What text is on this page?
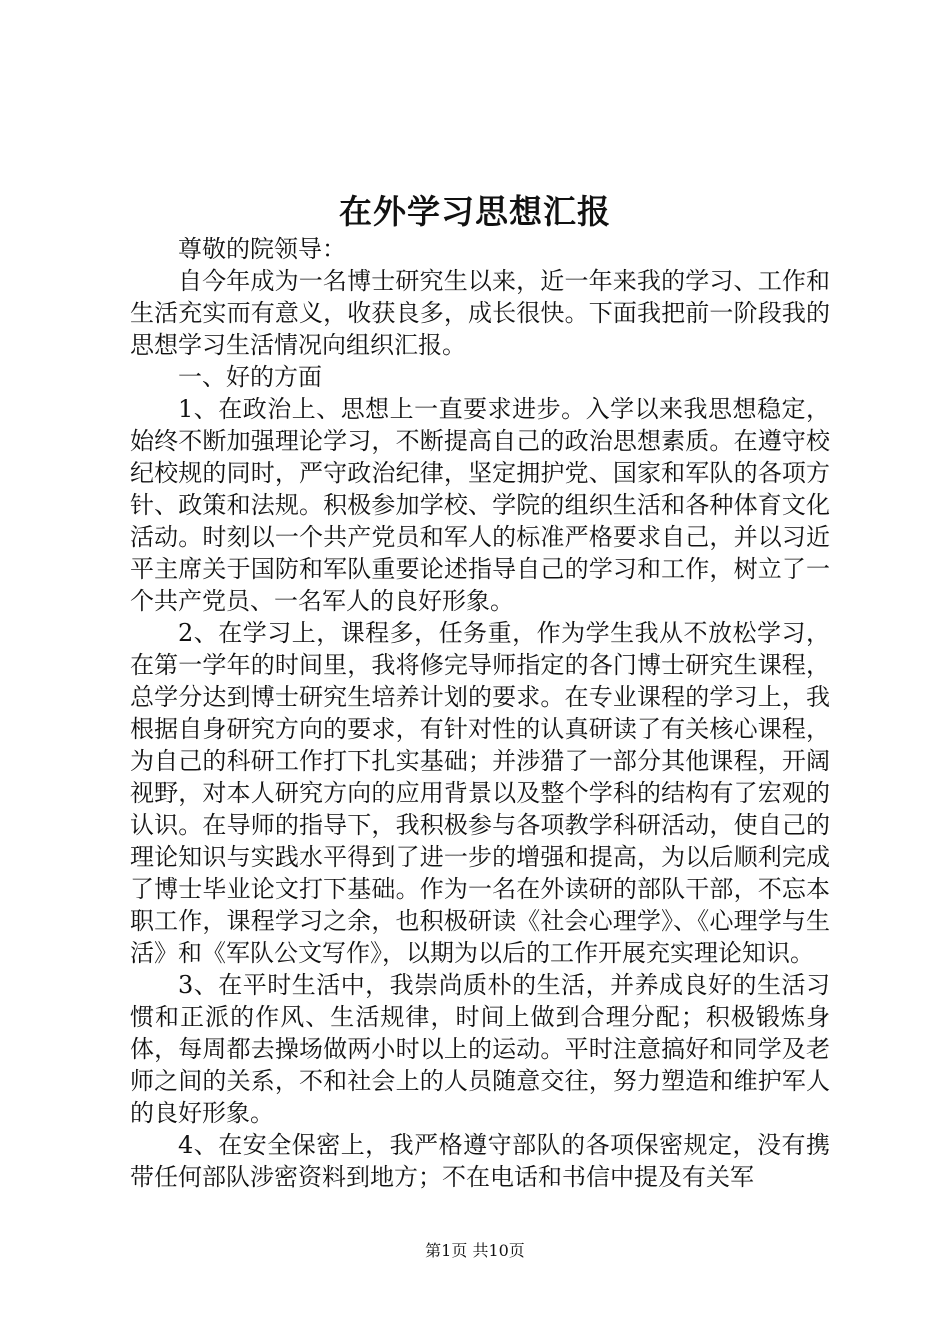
在外学习思想汇报

尊敬的院领导：

自今年成为一名博士研究生以来，近一年来我的学习、工作和生活充实而有意义，收获良多，成长很快。下面我把前一阶段我的思想学习生活情况向组织汇报。

一、好的方面

1、在政治上、思想上一直要求进步。入学以来我思想稳定，始终不断加强理论学习，不断提高自己的政治思想素质。在遵守校纪校规的同时，严守政治纪律，坚定拥护党、国家和军队的各项方针、政策和法规。积极参加学校、学院的组织生活和各种体育文化活动。时刻以一个共产党员和军人的标准严格要求自己，并以习近平主席关于国防和军队重要论述指导自己的学习和工作，树立了一个共产党员、一名军人的良好形象。

2、在学习上，课程多，任务重，作为学生我从不放松学习，在第一学年的时间里，我将修完导师指定的各门博士研究生课程，总学分达到博士研究生培养计划的要求。在专业课程的学习上，我根据自身研究方向的要求，有针对性的认真研读了有关核心课程，为自己的科研工作打下扎实基础；并涉猎了一部分其他课程，开阔视野，对本人研究方向的应用背景以及整个学科的结构有了宏观的认识。在导师的指导下，我积极参与各项教学科研活动，使自己的理论知识与实践水平得到了进一步的增强和提高，为以后顺利完成了博士毕业论文打下基础。作为一名在外读研的部队干部，不忘本职工作，课程学习之余，也积极研读《社会心理学》、《心理学与生活》和《军队公文写作》，以期为以后的工作开展充实理论知识。

3、在平时生活中，我崇尚质朴的生活，并养成良好的生活习惯和正派的作风、生活规律，时间上做到合理分配；积极锻炼身体，每周都去操场做两小时以上的运动。平时注意搞好和同学及老师之间的关系，不和社会上的人员随意交往，努力塑造和维护军人的良好形象。

4、在安全保密上，我严格遵守部队的各项保密规定，没有携带任何部队涉密资料到地方；不在电话和书信中提及有关军

第1页 共10页
